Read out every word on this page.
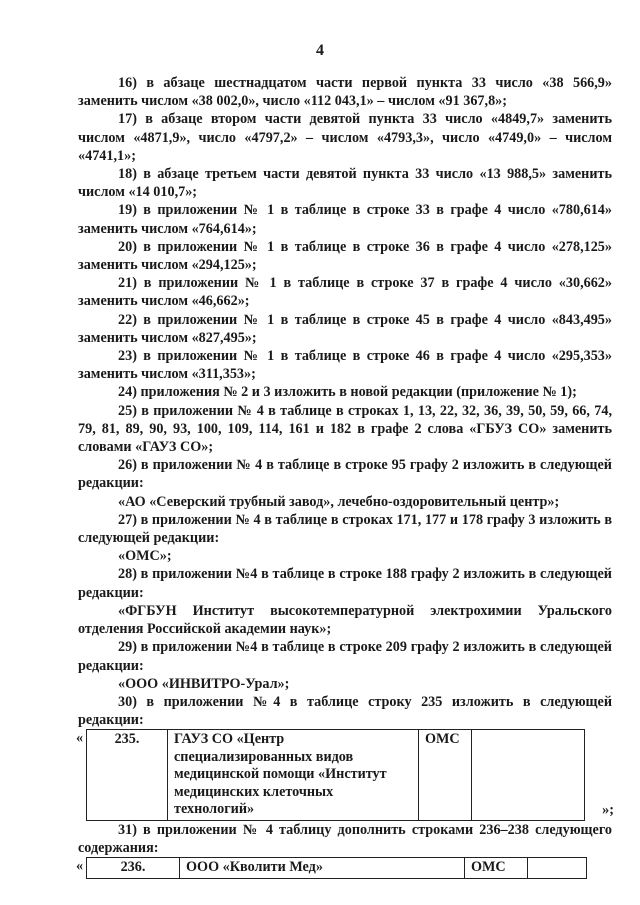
4

16) в абзаце шестнадцатом части первой пункта 33 число «38 566,9» заменить числом «38 002,0», число «112 043,1» – числом «91 367,8»;

17) в абзаце втором части девятой пункта 33 число «4849,7» заменить числом «4871,9», число «4797,2» – числом «4793,3», число «4749,0» – числом «4741,1»;

18) в абзаце третьем части девятой пункта 33 число «13 988,5» заменить числом «14 010,7»;

19) в приложении № 1 в таблице в строке 33 в графе 4 число «780,614» заменить числом «764,614»;

20) в приложении № 1 в таблице в строке 36 в графе 4 число «278,125» заменить числом «294,125»;

21) в приложении № 1 в таблице в строке 37 в графе 4 число «30,662» заменить числом «46,662»;

22) в приложении № 1 в таблице в строке 45 в графе 4 число «843,495» заменить числом «827,495»;

23) в приложении № 1 в таблице в строке 46 в графе 4 число «295,353» заменить числом «311,353»;

24) приложения № 2 и 3 изложить в новой редакции (приложение № 1);

25) в приложении № 4 в таблице в строках 1, 13, 22, 32, 36, 39, 50, 59, 66, 74, 79, 81, 89, 90, 93, 100, 109, 114, 161 и 182 в графе 2 слова «ГБУЗ СО» заменить словами «ГАУЗ СО»;

26) в приложении № 4 в таблице в строке 95 графу 2 изложить в следующей редакции:

«АО «Северский трубный завод», лечебно-оздоровительный центр»;

27) в приложении № 4 в таблице в строках 171, 177 и 178 графу 3 изложить в следующей редакции:

«ОМС»;

28) в приложении №4 в таблице в строке 188 графу 2 изложить в следующей редакции:

«ФГБУН Институт высокотемпературной электрохимии Уральского отделения Российской академии наук»;

29) в приложении №4 в таблице в строке 209 графу 2 изложить в следующей редакции:

«ООО «ИНВИТРО-Урал»;

30) в приложении №4 в таблице строку 235 изложить в следующей редакции:

« 235.	ГАУЗ СО «Центр специализированных видов медицинской помощи «Институт медицинских клеточных технологий»	ОМС	
»;

31) в приложении № 4 таблицу дополнить строками 236–238 следующего содержания:

«	236.	ООО «Кволити Мед»	ОМС	
